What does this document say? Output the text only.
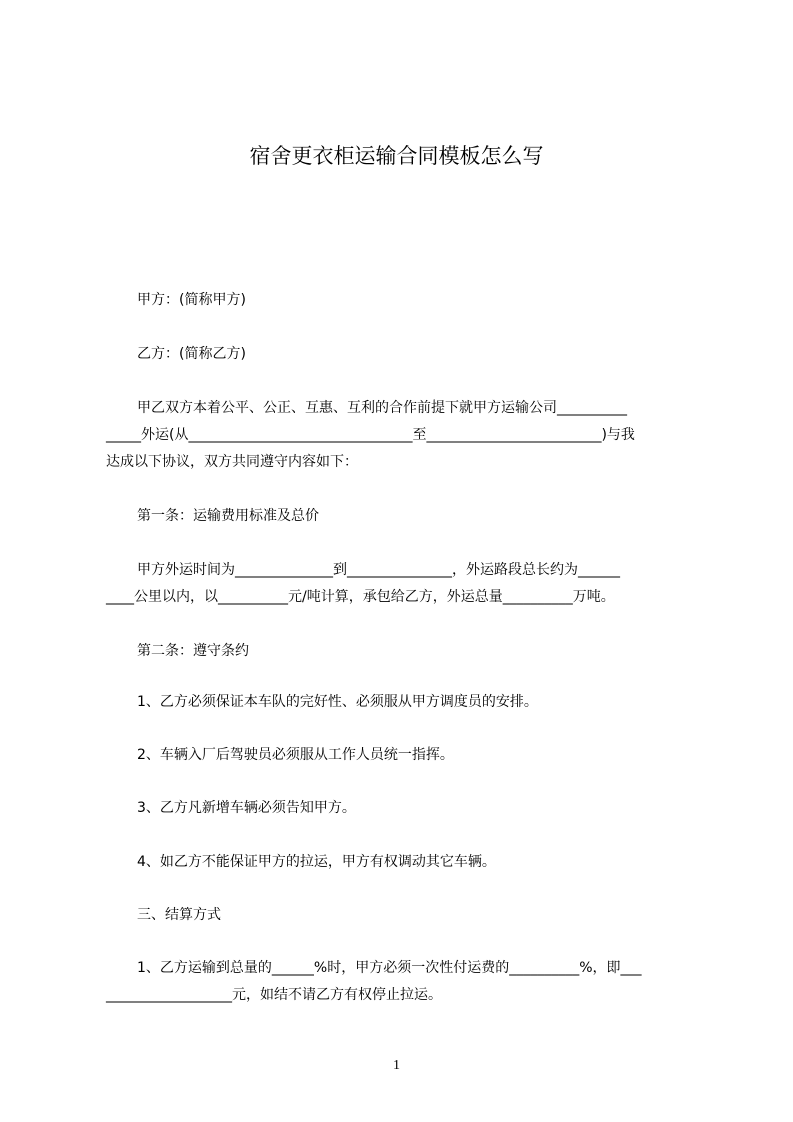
宿舍更衣柜运输合同模板怎么写
甲方：(简称甲方)
乙方：(简称乙方)
甲乙双方本着公平、公正、互惠、互利的合作前提下就甲方运输公司__________
_____外运(从________________________________至_________________________)与我
达成以下协议，双方共同遵守内容如下：
第一条：运输费用标准及总价
甲方外运时间为______________到_______________，外运路段总长约为______
____公里以内，以__________元/吨计算，承包给乙方，外运总量__________万吨。
第二条：遵守条约
1、乙方必须保证本车队的完好性、必须服从甲方调度员的安排。
2、车辆入厂后驾驶员必须服从工作人员统一指挥。
3、乙方凡新增车辆必须告知甲方。
4、如乙方不能保证甲方的拉运，甲方有权调动其它车辆。
三、结算方式
1、乙方运输到总量的______%时，甲方必须一次性付运费的__________%，即___
__________________元，如结不请乙方有权停止拉运。
1
